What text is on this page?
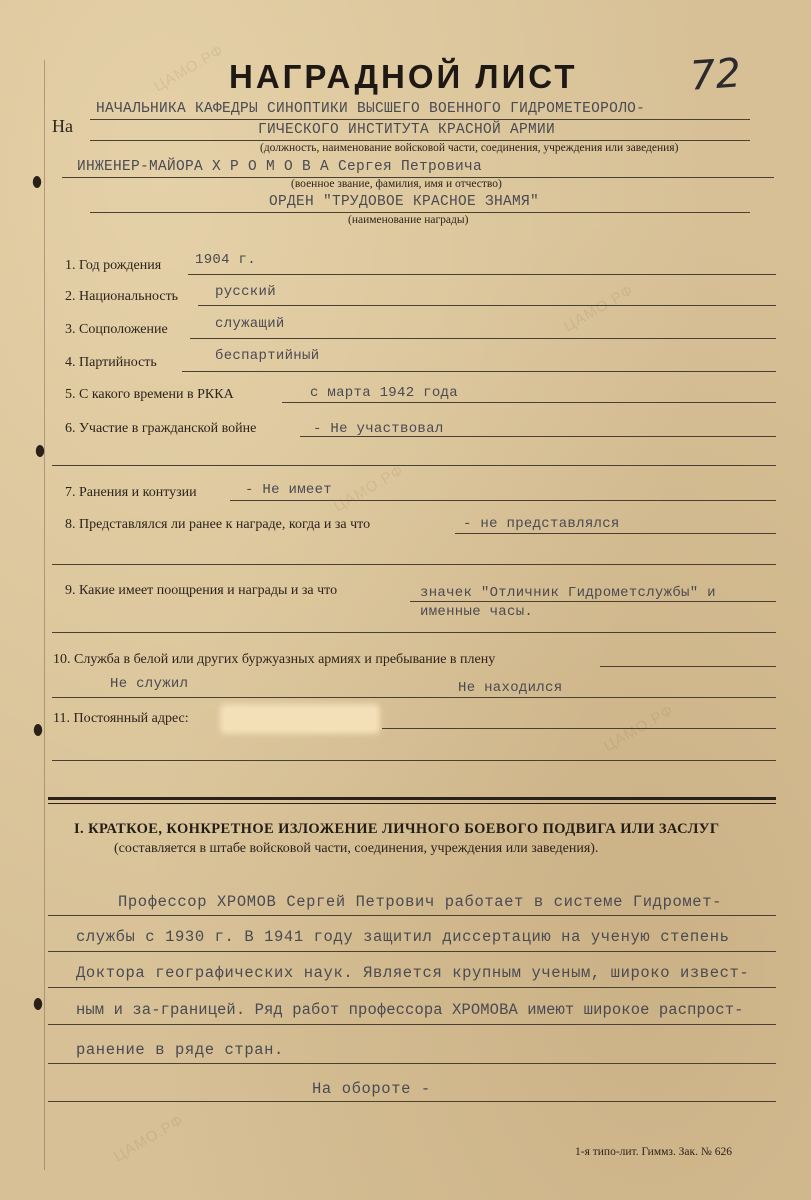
ЦАМО.РФ
ЦАМО.РФ
ЦАМО.РФ
ЦАМО.РФ
ЦАМО.РФ
НАГРАДНОЙ ЛИСТ	72
На
НАЧАЛЬНИКА КАФЕДРЫ СИНОПТИКИ ВЫСШЕГО ВОЕННОГО ГИДРОМЕТЕОРОЛО-
ГИЧЕСКОГО ИНСТИТУТА КРАСНОЙ АРМИИ
(должность, наименование войсковой части, соединения, учреждения или заведения)
ИНЖЕНЕР-МАЙОРА Х Р О М О В А Сергея Петровича
(военное звание, фамилия, имя и отчество)
ОРДЕН "ТРУДОВОЕ КРАСНОЕ ЗНАМЯ"
(наименование награды)
1. Год рождения 1904 г.
2. Национальность	русский
3. Соцположение	служащий
4. Партийность	беспартийный
5. С какого времени в РККА	с марта 1942 года
6. Участие в гражданской войне	- Не участвовал
7. Ранения и контузии	- Не имеет
8. Представлялся ли ранее к награде, когда и за что	- не представлялся
9. Какие имеет поощрения и награды и за что	значек "Отличник Гидрометслужбы" и
именные часы.
10. Служба в белой или других буржуазных армиях и пребывание в плену
Не служил	Не находился
11. Постоянный адрес:
I. КРАТКОЕ, КОНКРЕТНОЕ ИЗЛОЖЕНИЕ ЛИЧНОГО БОЕВОГО ПОДВИГА ИЛИ ЗАСЛУГ
(составляется в штабе войсковой части, соединения, учреждения или заведения).
Профессор ХРОМОВ Сергей Петрович работает в системе Гидромет-
службы с 1930 г. В 1941 году защитил диссертацию на ученую степень
Доктора географических наук. Является крупным ученым, широко извест-
ным и за-границей. Ряд работ профессора ХРОМОВА имеют широкое распрост-
ранение в ряде стран.
На обороте -
1-я типо-лит. Гиммз. Зак. № 626
